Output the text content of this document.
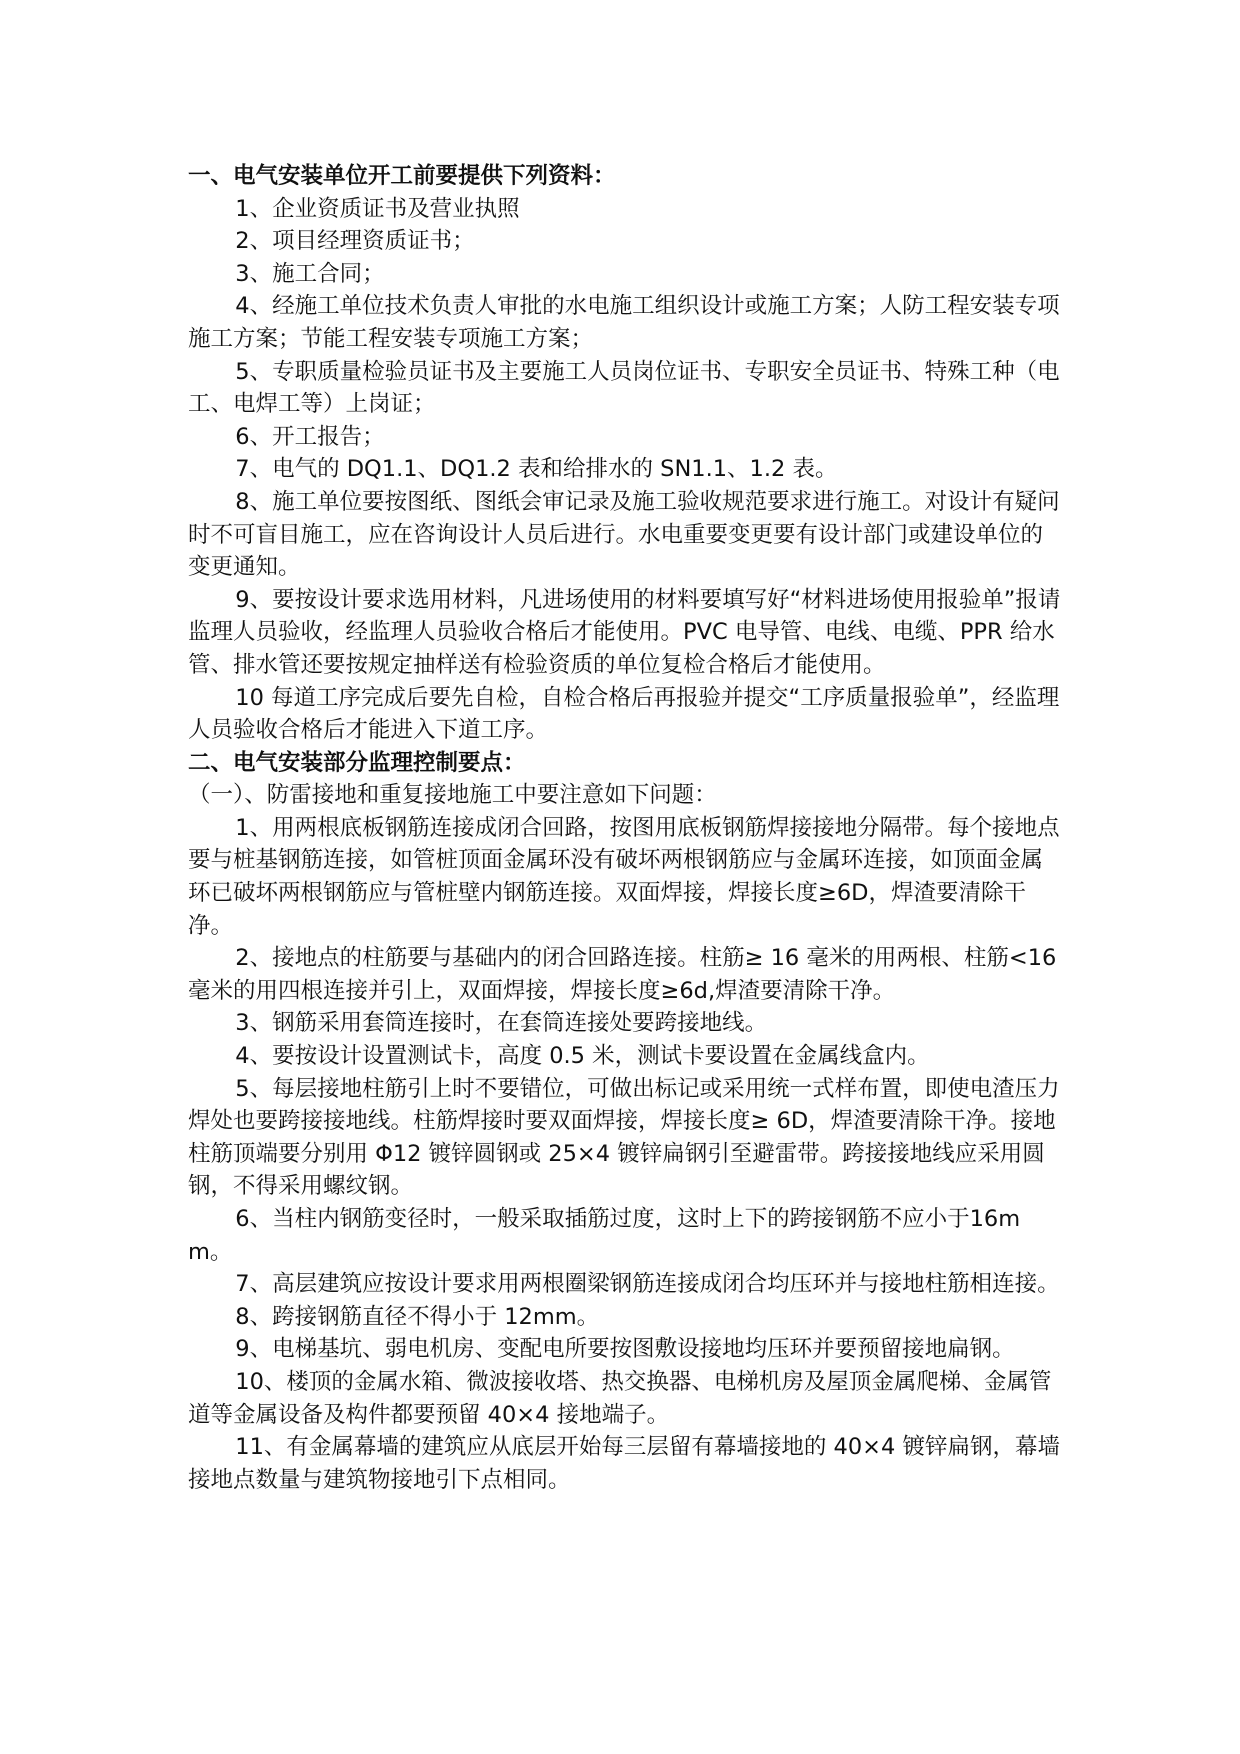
一、电气安装单位开工前要提供下列资料：

1、企业资质证书及营业执照

2、项目经理资质证书；

3、施工合同；

4、经施工单位技术负责人审批的水电施工组织设计或施工方案；人防工程安装专项施工方案；节能工程安装专项施工方案；

5、专职质量检验员证书及主要施工人员岗位证书、专职安全员证书、特殊工种（电工、电焊工等）上岗证；

6、开工报告；

7、电气的 DQ1.1、DQ1.2 表和给排水的 SN1.1、1.2 表。

8、施工单位要按图纸、图纸会审记录及施工验收规范要求进行施工。对设计有疑问时不可盲目施工，应在咨询设计人员后进行。水电重要变更要有设计部门或建设单位的变更通知。

9、要按设计要求选用材料，凡进场使用的材料要填写好“材料进场使用报验单”报请监理人员验收，经监理人员验收合格后才能使用。PVC 电导管、电线、电缆、PPR 给水管、排水管还要按规定抽样送有检验资质的单位复检合格后才能使用。

10 每道工序完成后要先自检，自检合格后再报验并提交“工序质量报验单”，经监理人员验收合格后才能进入下道工序。

二、电气安装部分监理控制要点：

（一）、防雷接地和重复接地施工中要注意如下问题：

1、用两根底板钢筋连接成闭合回路，按图用底板钢筋焊接接地分隔带。每个接地点要与桩基钢筋连接，如管桩顶面金属环没有破坏两根钢筋应与金属环连接，如顶面金属环已破坏两根钢筋应与管桩壁内钢筋连接。双面焊接，焊接长度≥6D，焊渣要清除干净。

2、接地点的柱筋要与基础内的闭合回路连接。柱筋≥ 16 毫米的用两根、柱筋<16 毫米的用四根连接并引上，双面焊接，焊接长度≥6d,焊渣要清除干净。

3、钢筋采用套筒连接时，在套筒连接处要跨接地线。

4、要按设计设置测试卡，高度 0.5 米，测试卡要设置在金属线盒内。

5、每层接地柱筋引上时不要错位，可做出标记或采用统一式样布置，即使电渣压力焊处也要跨接接地线。柱筋焊接时要双面焊接，焊接长度≥ 6D，焊渣要清除干净。接地柱筋顶端要分别用 Φ12 镀锌圆钢或 25×4 镀锌扁钢引至避雷带。跨接接地线应采用圆钢，不得采用螺纹钢。

6、当柱内钢筋变径时，一般采取插筋过度，这时上下的跨接钢筋不应小于16mm。

7、高层建筑应按设计要求用两根圈梁钢筋连接成闭合均压环并与接地柱筋相连接。

8、跨接钢筋直径不得小于 12mm。

9、电梯基坑、弱电机房、变配电所要按图敷设接地均压环并要预留接地扁钢。

10、楼顶的金属水箱、微波接收塔、热交换器、电梯机房及屋顶金属爬梯、金属管道等金属设备及构件都要预留 40×4 接地端子。

11、有金属幕墙的建筑应从底层开始每三层留有幕墙接地的 40×4 镀锌扁钢，幕墙接地点数量与建筑物接地引下点相同。
